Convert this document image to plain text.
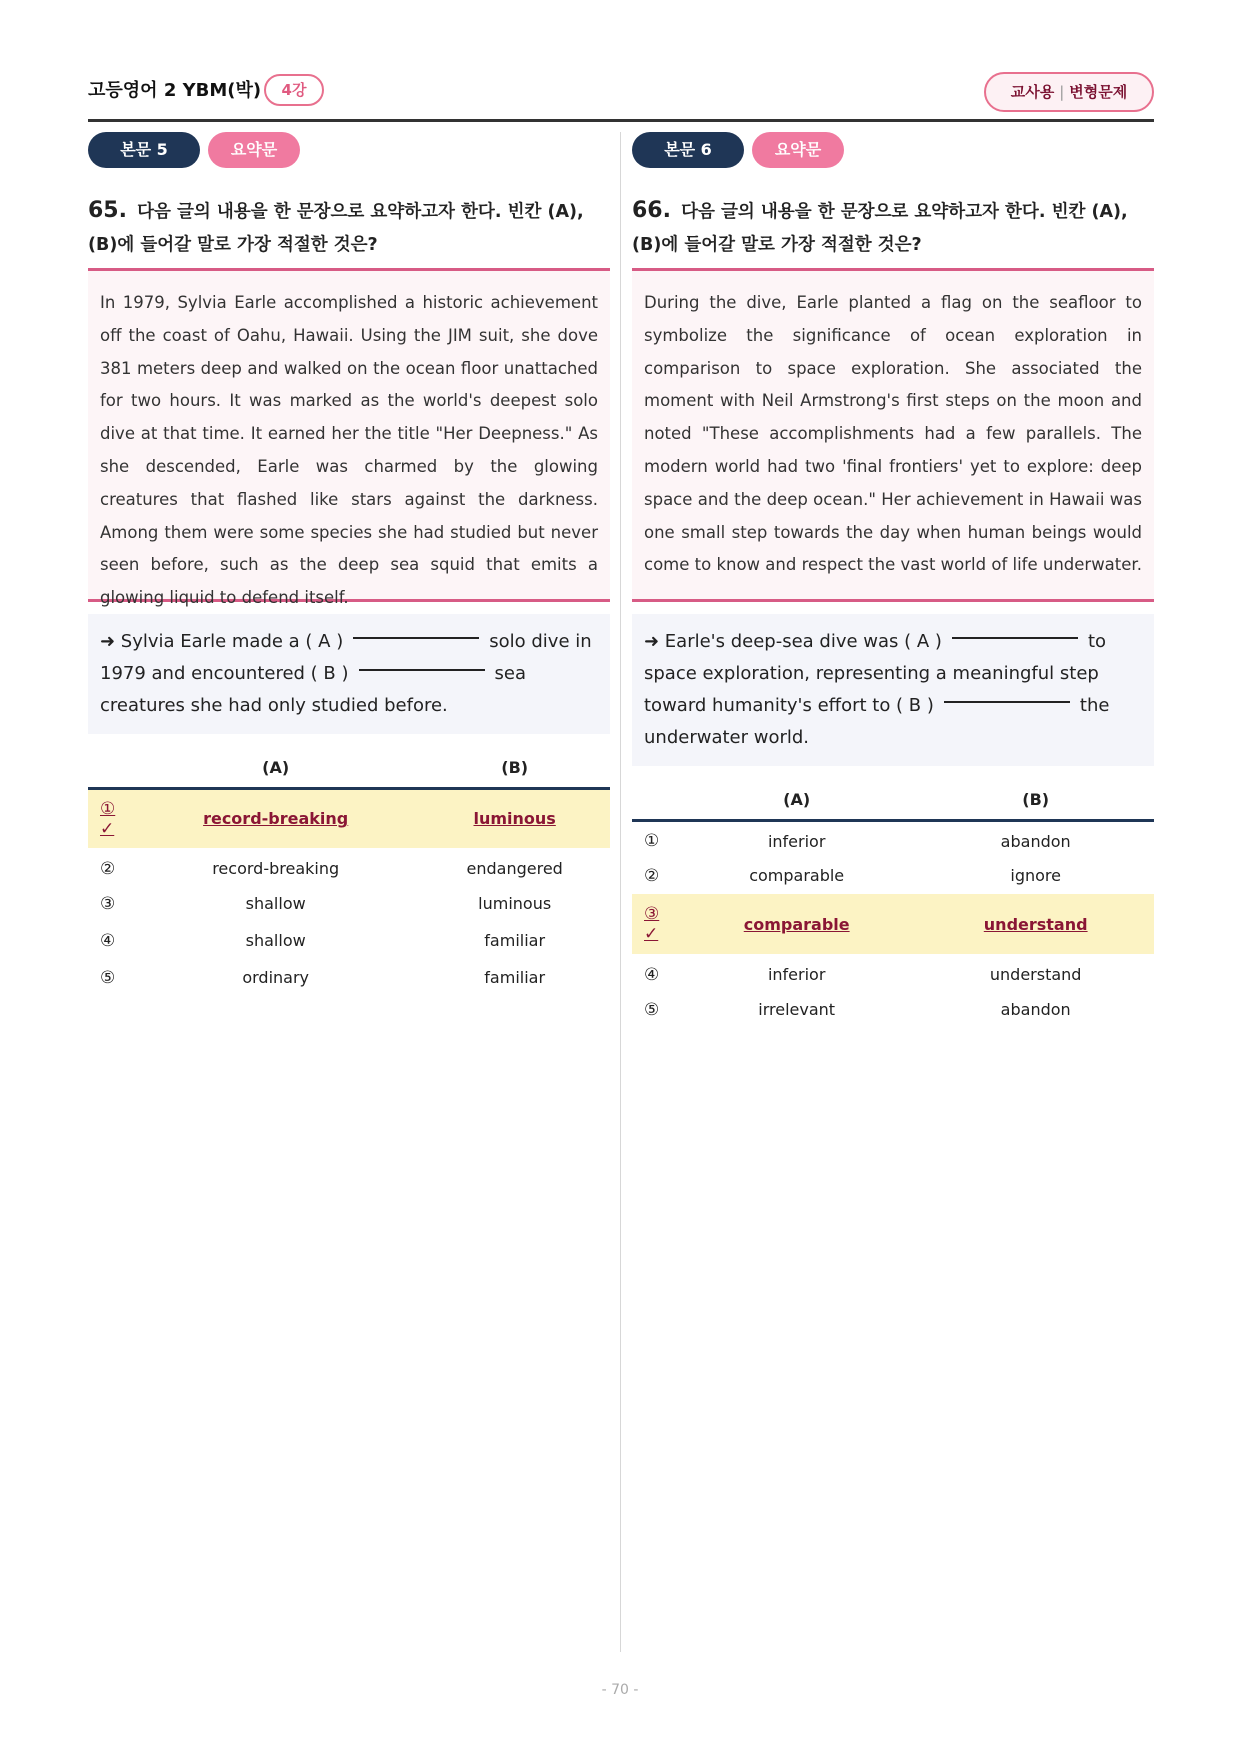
고등영어 2 YBM(박)	4강	교사용 | 변형문제
본문 5	요약문
65. 다음 글의 내용을 한 문장으로 요약하고자 한다. 빈칸 (A), (B)에 들어갈 말로 가장 적절한 것은?
In 1979, Sylvia Earle accomplished a historic achievement off the coast of Oahu, Hawaii. Using the JIM suit, she dove 381 meters deep and walked on the ocean floor unattached for two hours. It was marked as the world's deepest solo dive at that time. It earned her the title "Her Deepness." As she descended, Earle was charmed by the glowing creatures that flashed like stars against the darkness. Among them were some species she had studied but never seen before, such as the deep sea squid that emits a glowing liquid to defend itself.
➜ Sylvia Earle made a ( A )	solo dive in 1979 and encountered ( B )	sea creatures she had only studied before.
	(A)	(B)
①
✓	record-breaking	luminous
②	record-breaking	endangered
③	shallow	luminous
④	shallow	familiar
⑤	ordinary	familiar
본문 6	요약문
66. 다음 글의 내용을 한 문장으로 요약하고자 한다. 빈칸 (A), (B)에 들어갈 말로 가장 적절한 것은?
During the dive, Earle planted a flag on the seafloor to symbolize the significance of ocean exploration in comparison to space exploration. She associated the moment with Neil Armstrong's first steps on the moon and noted "These accomplishments had a few parallels. The modern world had two 'final frontiers' yet to explore: deep space and the deep ocean." Her achievement in Hawaii was one small step towards the day when human beings would come to know and respect the vast world of life underwater.
➜ Earle's deep-sea dive was ( A )	to space exploration, representing a meaningful step toward humanity's effort to ( B )	the underwater world.
	(A)	(B)
①	inferior	abandon
②	comparable	ignore
③
✓	comparable	understand
④	inferior	understand
⑤	irrelevant	abandon
- 70 -
